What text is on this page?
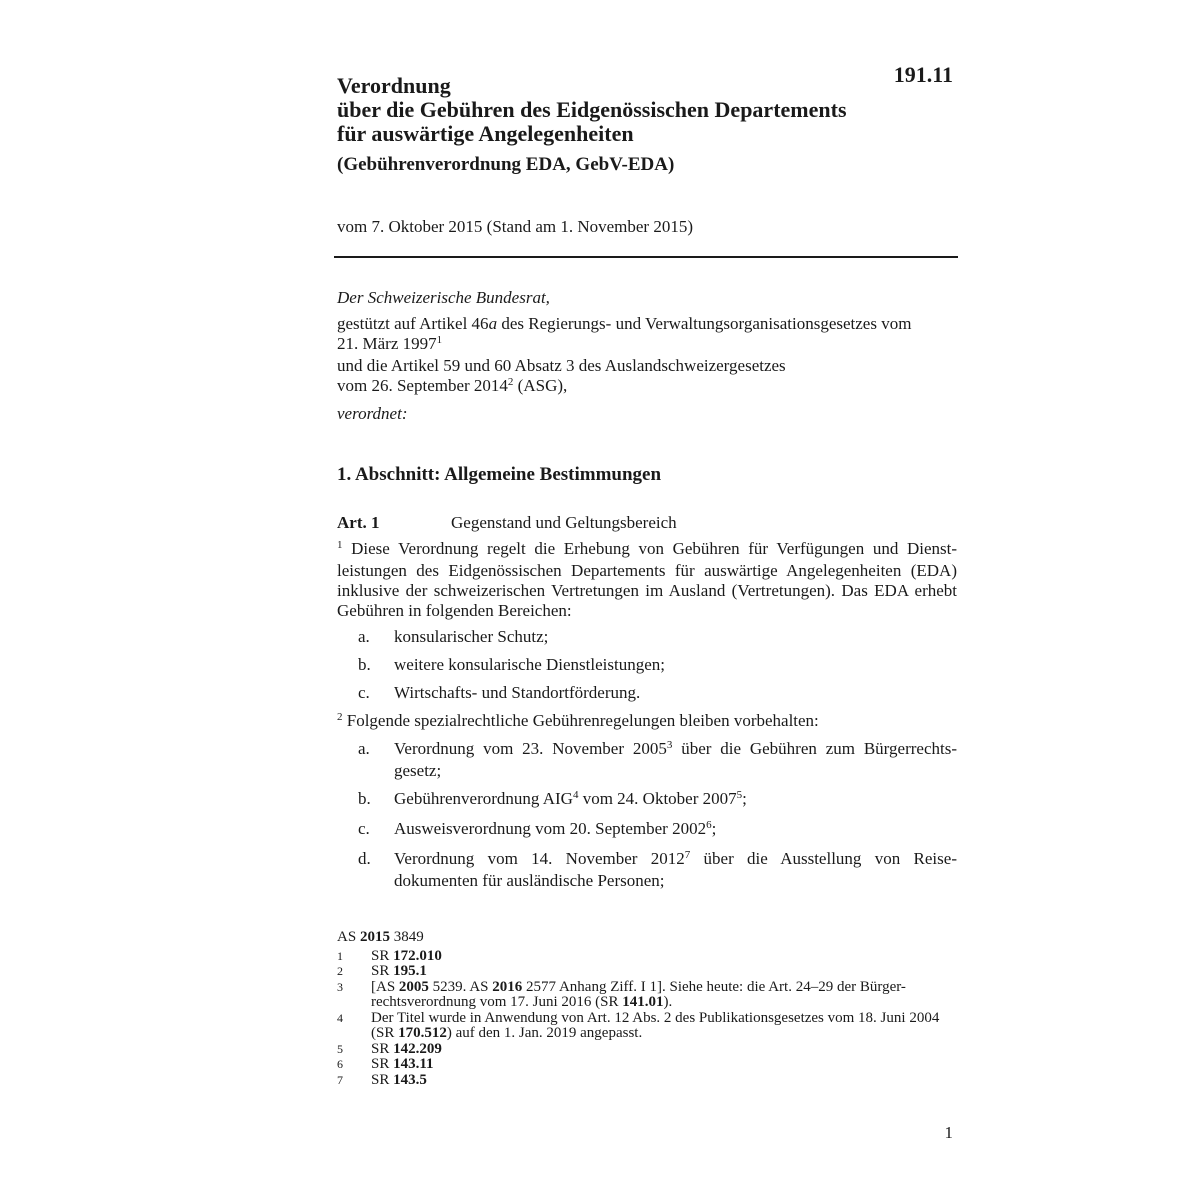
191.11
Verordnung
über die Gebühren des Eidgenössischen Departements
für auswärtige Angelegenheiten
(Gebührenverordnung EDA, GebV-EDA)
vom 7. Oktober 2015 (Stand am 1. November 2015)
Der Schweizerische Bundesrat,
gestützt auf Artikel 46a des Regierungs- und Verwaltungsorganisationsgesetzes vom
21. März 1997$^1$
und die Artikel 59 und 60 Absatz 3 des Auslandschweizergesetzes
vom 26. September 2014$^2$ (ASG),
verordnet:
1. Abschnitt: Allgemeine Bestimmungen
Art. 1	Gegenstand und Geltungsbereich

$^1$ Diese Verordnung regelt die Erhebung von Gebühren für Verfügungen und Dienst-leistungen des Eidgenössischen Departements für auswärtige Angelegenheiten (EDA) inklusive der schweizerischen Vertretungen im Ausland (Vertretungen). Das EDA erhebt Gebühren in folgenden Bereichen:

a.	konsularischer Schutz;
b.	weitere konsularische Dienstleistungen;
c.	Wirtschafts- und Standortförderung.

$^2$ Folgende spezialrechtliche Gebührenregelungen bleiben vorbehalten:

a.	Verordnung vom 23. November 2005$^3$ über die Gebühren zum Bürgerrechts-gesetz;
b.	Gebührenverordnung AIG$^4$ vom 24. Oktober 2007$^5$;
c.	Ausweisverordnung vom 20. September 2002$^6$;
d.	Verordnung vom 14. November 2012$^7$ über die Ausstellung von Reise-dokumenten für ausländische Personen;
AS 2015 3849
1	SR 172.010
2	SR 195.1
3	[AS 2005 5239. AS 2016 2577 Anhang Ziff. I 1]. Siehe heute: die Art. 24–29 der Bürger-rechtsverordnung vom 17. Juni 2016 (SR 141.01).
4	Der Titel wurde in Anwendung von Art. 12 Abs. 2 des Publikationsgesetzes vom 18. Juni 2004 (SR 170.512) auf den 1. Jan. 2019 angepasst.
5	SR 142.209
6	SR 143.11
7	SR 143.5
1
